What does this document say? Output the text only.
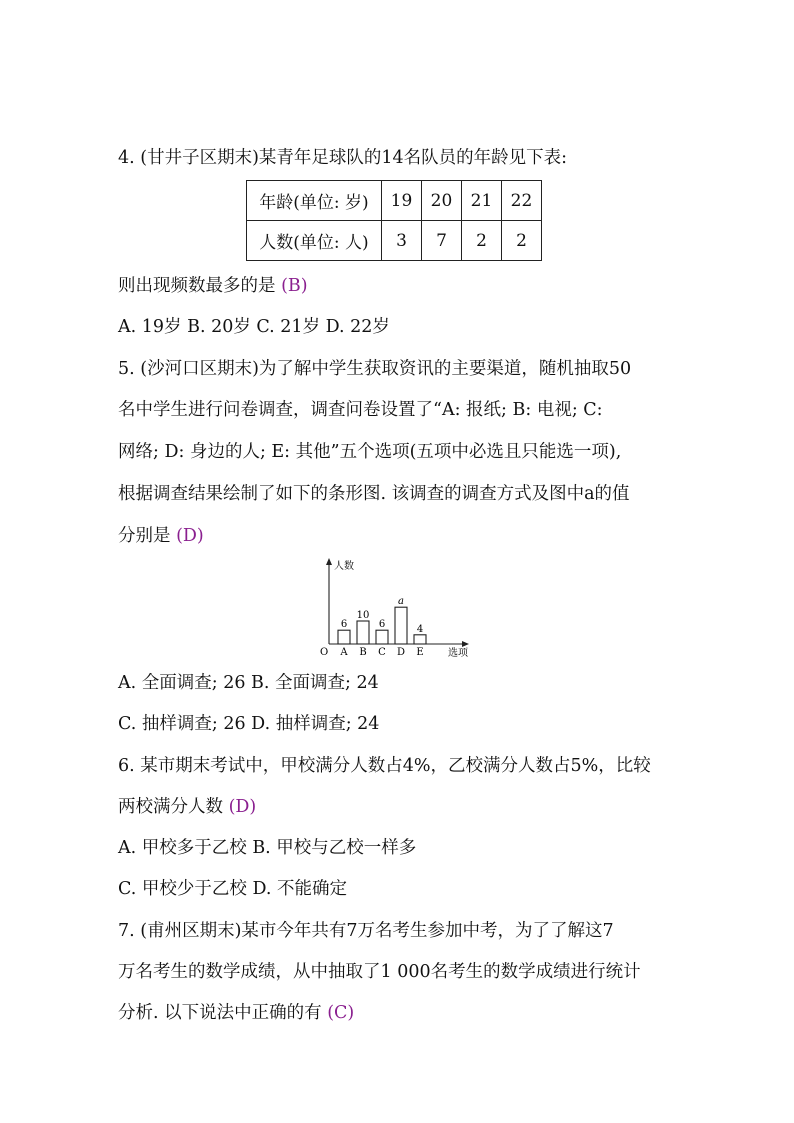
4. (甘井子区期末)某青年足球队的14名队员的年龄见下表:
年龄(单位: 岁)	19	20	21	22
人数(单位: 人)	3	7	2	2
则出现频数最多的是 (B)
A. 19岁 B. 20岁 C. 21岁 D. 22岁
5. (沙河口区期末)为了解中学生获取资讯的主要渠道，随机抽取50
名中学生进行问卷调查，调查问卷设置了“A: 报纸; B: 电视; C:
网络; D: 身边的人; E: 其他”五个选项(五项中必选且只能选一项),
根据调查结果绘制了如下的条形图. 该调查的调查方式及图中a的值
分别是 (D)
人数
选项
O
6
A
10
B
6
C
a
D
4
E
A. 全面调查; 26 B. 全面调查; 24
C. 抽样调查; 26 D. 抽样调查; 24
6. 某市期末考试中，甲校满分人数占4%，乙校满分人数占5%，比较
两校满分人数 (D)
A. 甲校多于乙校 B. 甲校与乙校一样多
C. 甲校少于乙校 D. 不能确定
7. (甫州区期末)某市今年共有7万名考生参加中考，为了了解这7
万名考生的数学成绩，从中抽取了1 000名考生的数学成绩进行统计
分析. 以下说法中正确的有 (C)
